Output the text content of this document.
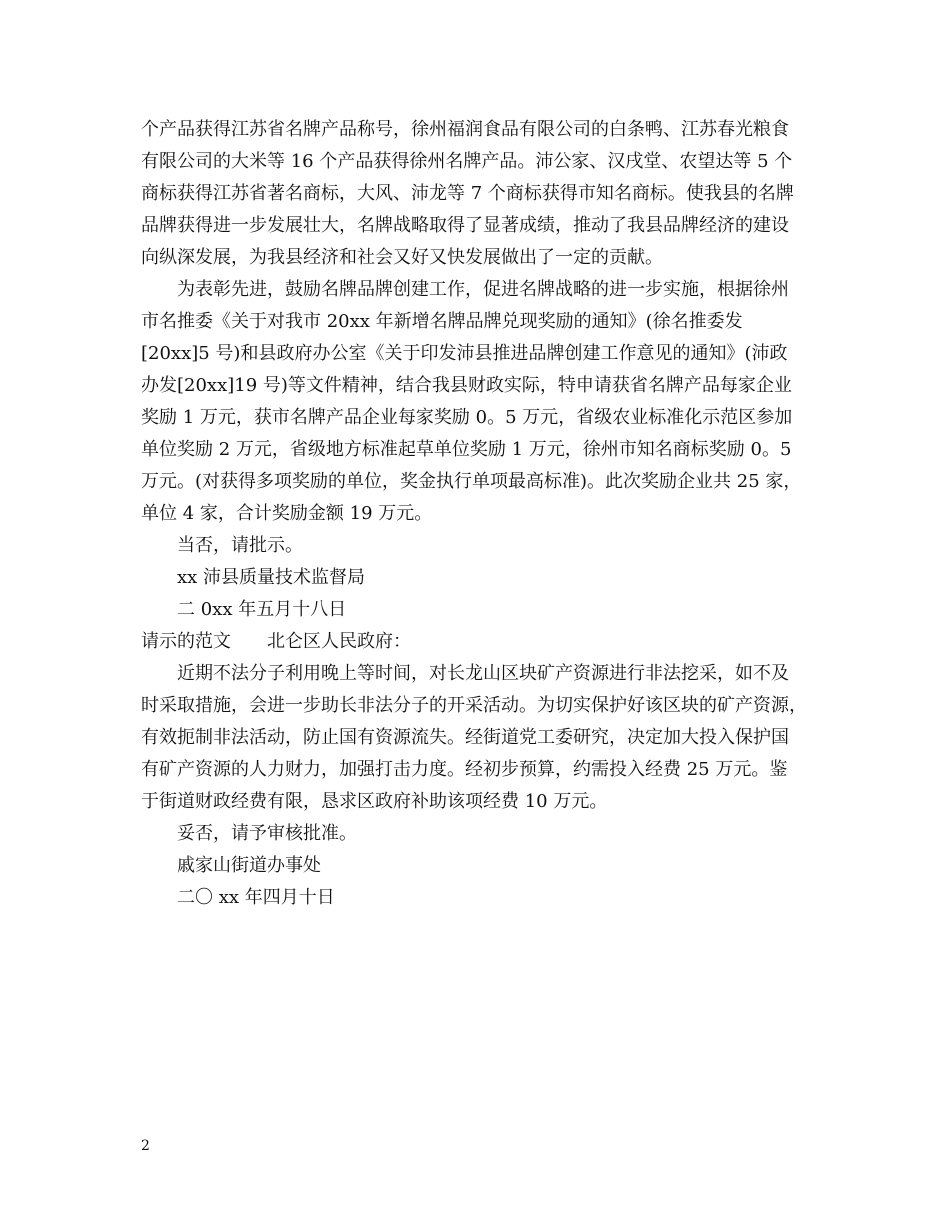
个产品获得江苏省名牌产品称号，徐州福润食品有限公司的白条鸭、江苏春光粮食
有限公司的大米等 16 个产品获得徐州名牌产品。沛公家、汉戌堂、农望达等 5 个
商标获得江苏省著名商标，大风、沛龙等 7 个商标获得市知名商标。使我县的名牌
品牌获得进一步发展壮大，名牌战略取得了显著成绩，推动了我县品牌经济的建设
向纵深发展，为我县经济和社会又好又快发展做出了一定的贡献。
为表彰先进，鼓励名牌品牌创建工作，促进名牌战略的进一步实施，根据徐州
市名推委《关于对我市 20xx 年新增名牌品牌兑现奖励的通知》(徐名推委发
[20xx]5 号)和县政府办公室《关于印发沛县推进品牌创建工作意见的通知》(沛政
办发[20xx]19 号)等文件精神，结合我县财政实际，特申请获省名牌产品每家企业
奖励 1 万元，获市名牌产品企业每家奖励 0。5 万元，省级农业标准化示范区参加
单位奖励 2 万元，省级地方标准起草单位奖励 1 万元，徐州市知名商标奖励 0。5
万元。(对获得多项奖励的单位，奖金执行单项最高标准)。此次奖励企业共 25 家，
单位 4 家，合计奖励金额 19 万元。
当否，请批示。
xx 沛县质量技术监督局
二 0xx 年五月十八日
请示的范文 北仑区人民政府：
近期不法分子利用晚上等时间，对长龙山区块矿产资源进行非法挖采，如不及
时采取措施，会进一步助长非法分子的开采活动。为切实保护好该区块的矿产资源，
有效扼制非法活动，防止国有资源流失。经街道党工委研究，决定加大投入保护国
有矿产资源的人力财力，加强打击力度。经初步预算，约需投入经费 25 万元。鉴
于街道财政经费有限，恳求区政府补助该项经费 10 万元。
妥否，请予审核批准。
戚家山街道办事处
二〇 xx 年四月十日
2
